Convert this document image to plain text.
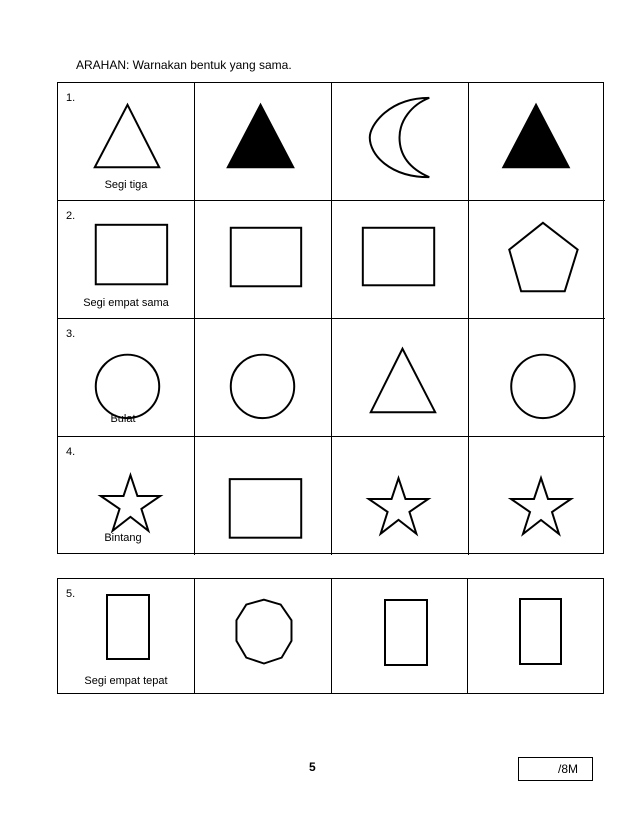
ARAHAN: Warnakan bentuk yang sama.
1.
Segi tiga
2.
Segi empat sama
3.
Bulat
4.
Bintang
5.
Segi empat tepat
5	/8M
